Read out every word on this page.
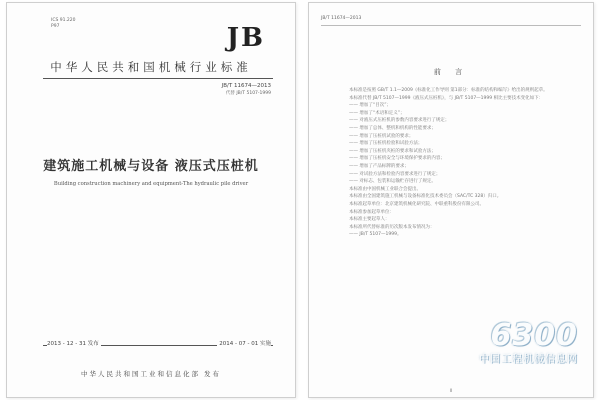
ICS 91.220
P97	JB
中华人民共和国机械行业标准
JB/T 11674—2013
代替 JB/T 5107-1999
建筑施工机械与设备 液压式压桩机
Building construction machinery and equipment-The hydraulic pile driver
2013 - 12 - 31 发布	2014 - 07 - 01 实施
中华人民共和国工业和信息化部 发布
JB/T 11674—2013
前 言
本标准是按照 GB/T 1.1—2009《标准化工作导则 第1部分：标准的结构和编写》给出的规则起草。
本标准代替 JB/T 5107—1999《液压式压桩机》，与 JB/T 5107—1999 相比主要技术变化如下：
—— 增加了“目次”；
—— 增加了“术语和定义”；
—— 对液压式压桩机的参数内容要求进行了规定；
—— 增加了总体、整机和机构的性能要求；
—— 增加了压桩机试验的要求；
—— 增加了压桩机检验和试验方法；
—— 增加了压桩机夹桩的要求和试验方法；
—— 增加了压桩机安全与环境保护要求的内容；
—— 增加了产品标牌的要求；
—— 对试验方法和检验内容要求进行了规定；
—— 对标志、包装和运输贮存进行了规定。
本标准由中国机械工业联合会提出。
本标准由全国建筑施工机械与设备标准化技术委员会（SAC/TC 328）归口。
本标准起草单位：北京建筑机械化研究院、中联重科股份有限公司。
本标准参加起草单位：
本标准主要起草人：
本标准所代替标准的历次版本发布情况为：
—— JB/T 5107—1999。
II
6300
中国工程机械信息网
